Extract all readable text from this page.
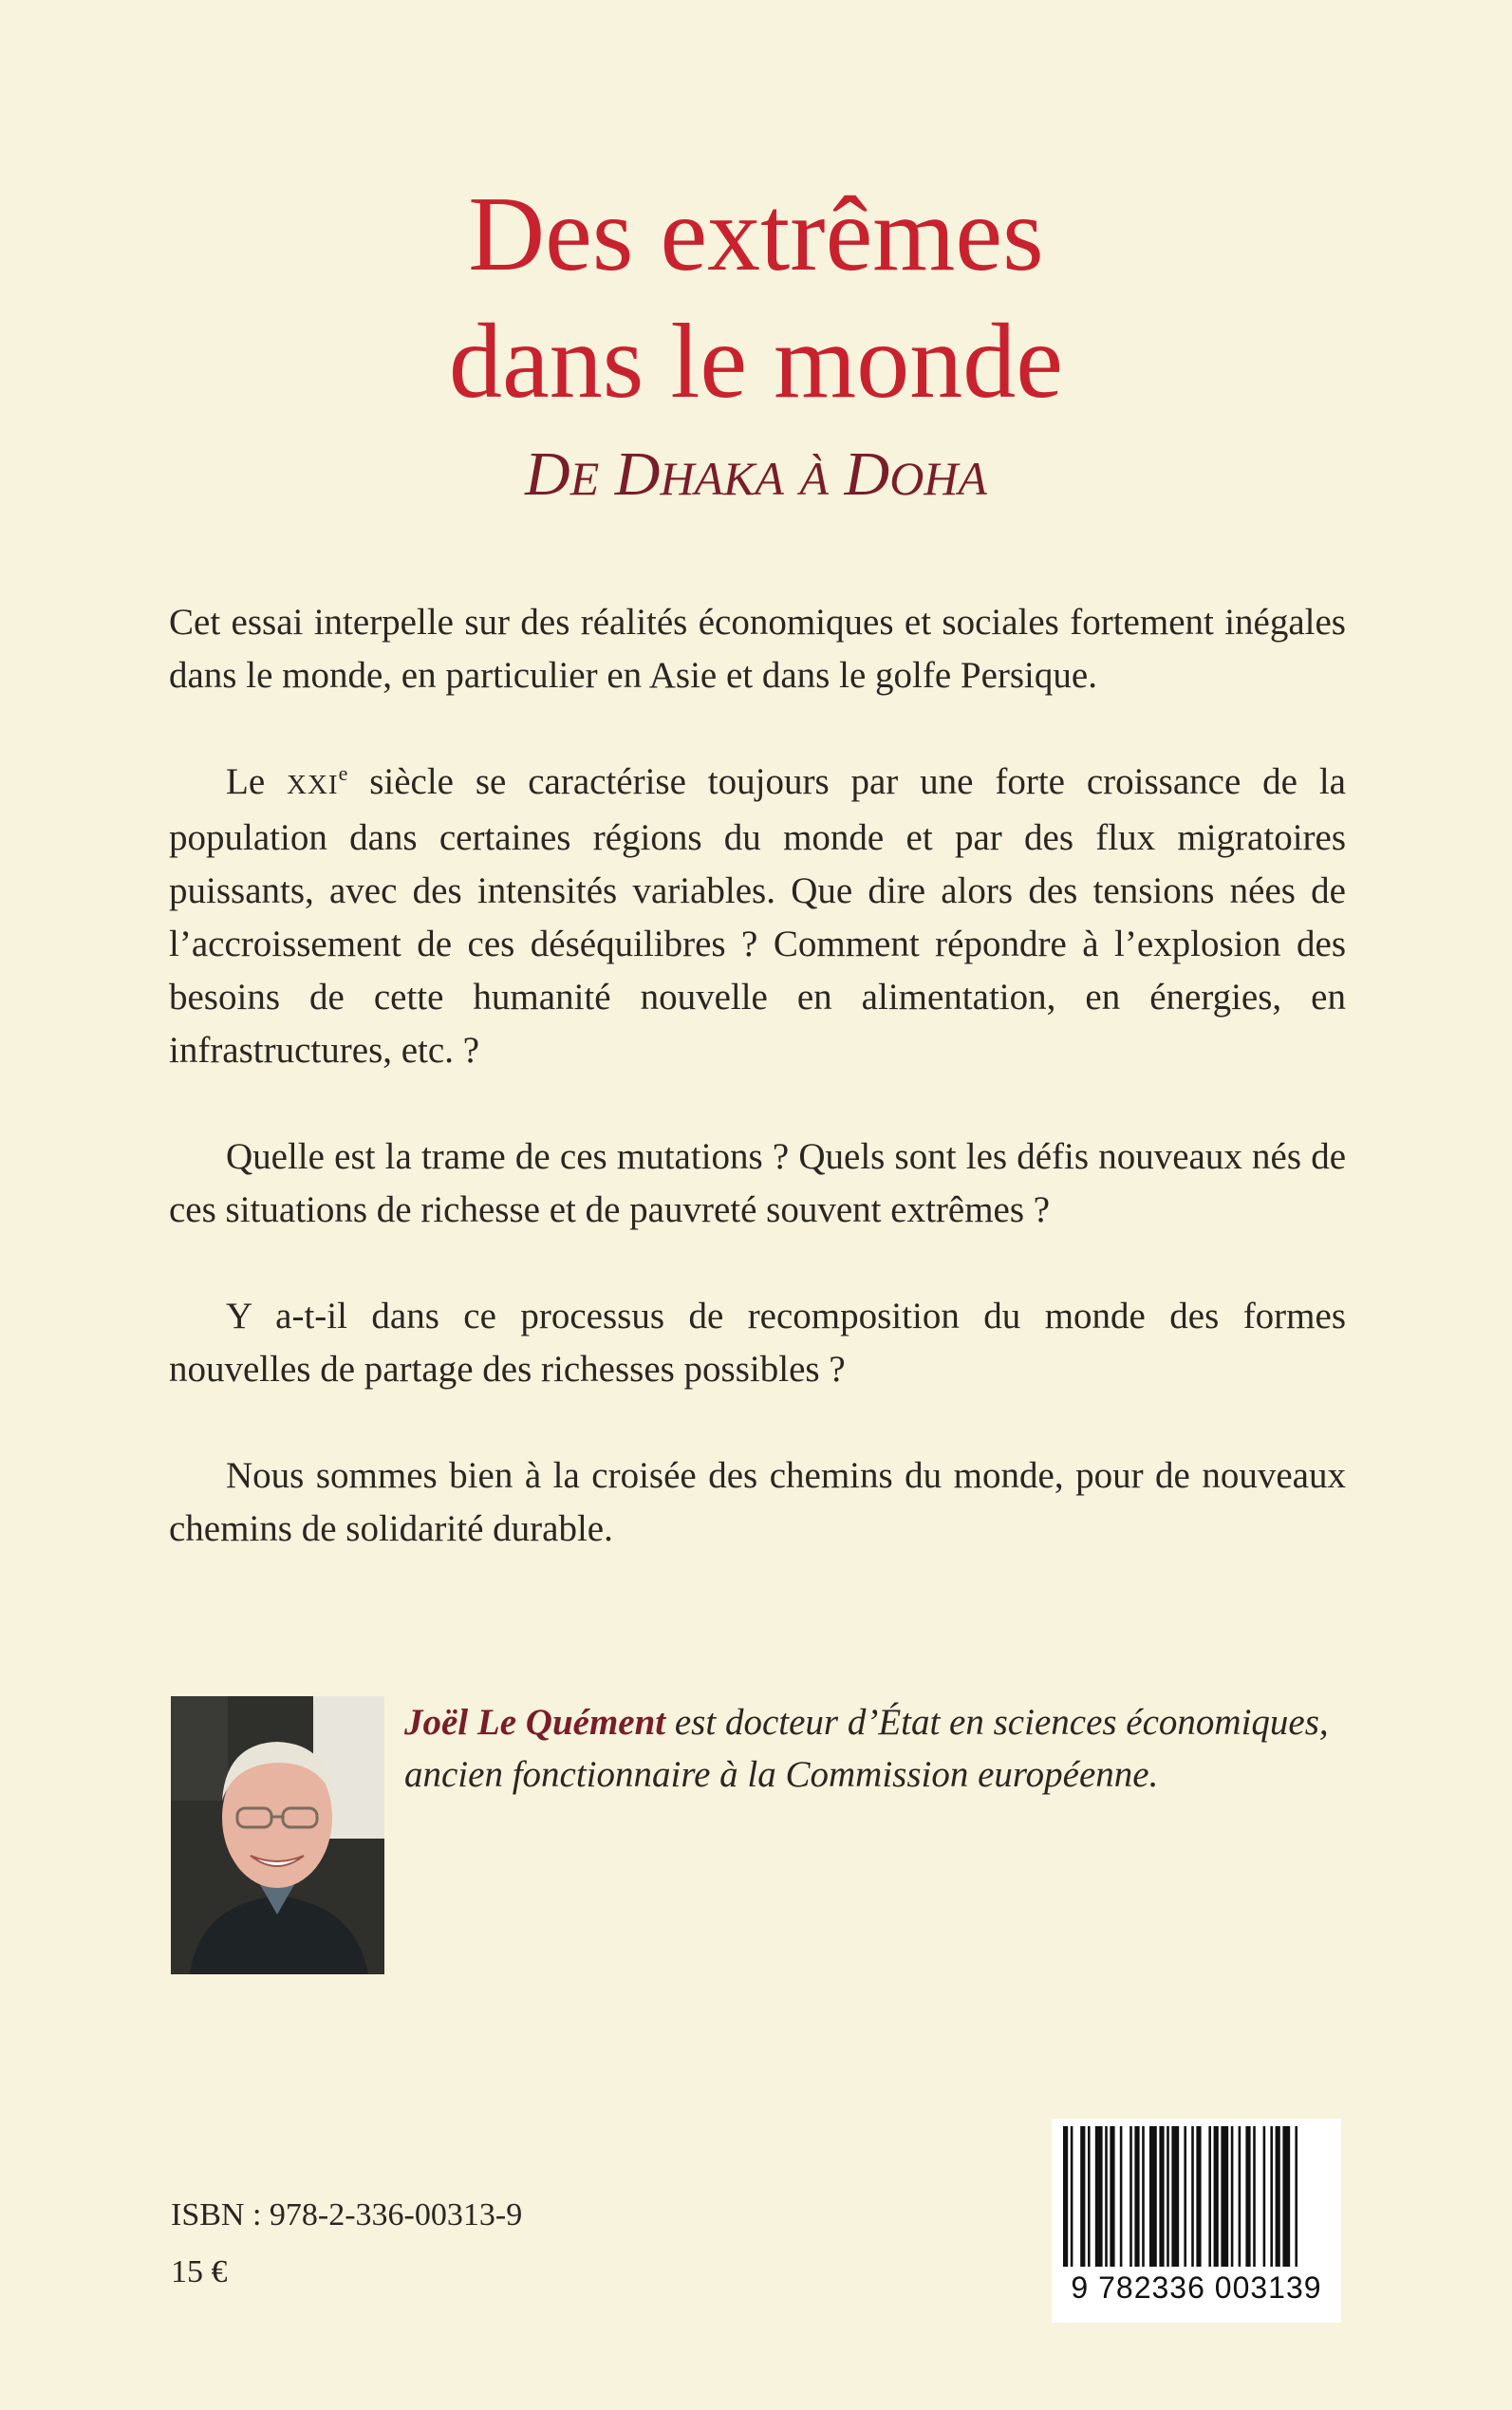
Des extrêmes
dans le monde
DE DHAKA À DOHA

Cet essai interpelle sur des réalités économiques et sociales fortement inégales dans le monde, en particulier en Asie et dans le golfe Persique.

Le XXIe siècle se caractérise toujours par une forte croissance de la population dans certaines régions du monde et par des flux migratoires puissants, avec des intensités variables. Que dire alors des tensions nées de l’accroissement de ces déséquilibres ? Comment répondre à l’explosion des besoins de cette humanité nouvelle en alimentation, en énergies, en infrastructures, etc. ?

Quelle est la trame de ces mutations ? Quels sont les défis nouveaux nés de ces situations de richesse et de pauvreté souvent extrêmes ?

Y a-t-il dans ce processus de recomposition du monde des formes nouvelles de partage des richesses possibles ?

Nous sommes bien à la croisée des chemins du monde, pour de nouveaux chemins de solidarité durable.

Joël Le Quément est docteur d’État en sciences économiques, ancien fonctionnaire à la Commission européenne.
ISBN : 978-2-336-00313-9
15 €	9 782336 003139
